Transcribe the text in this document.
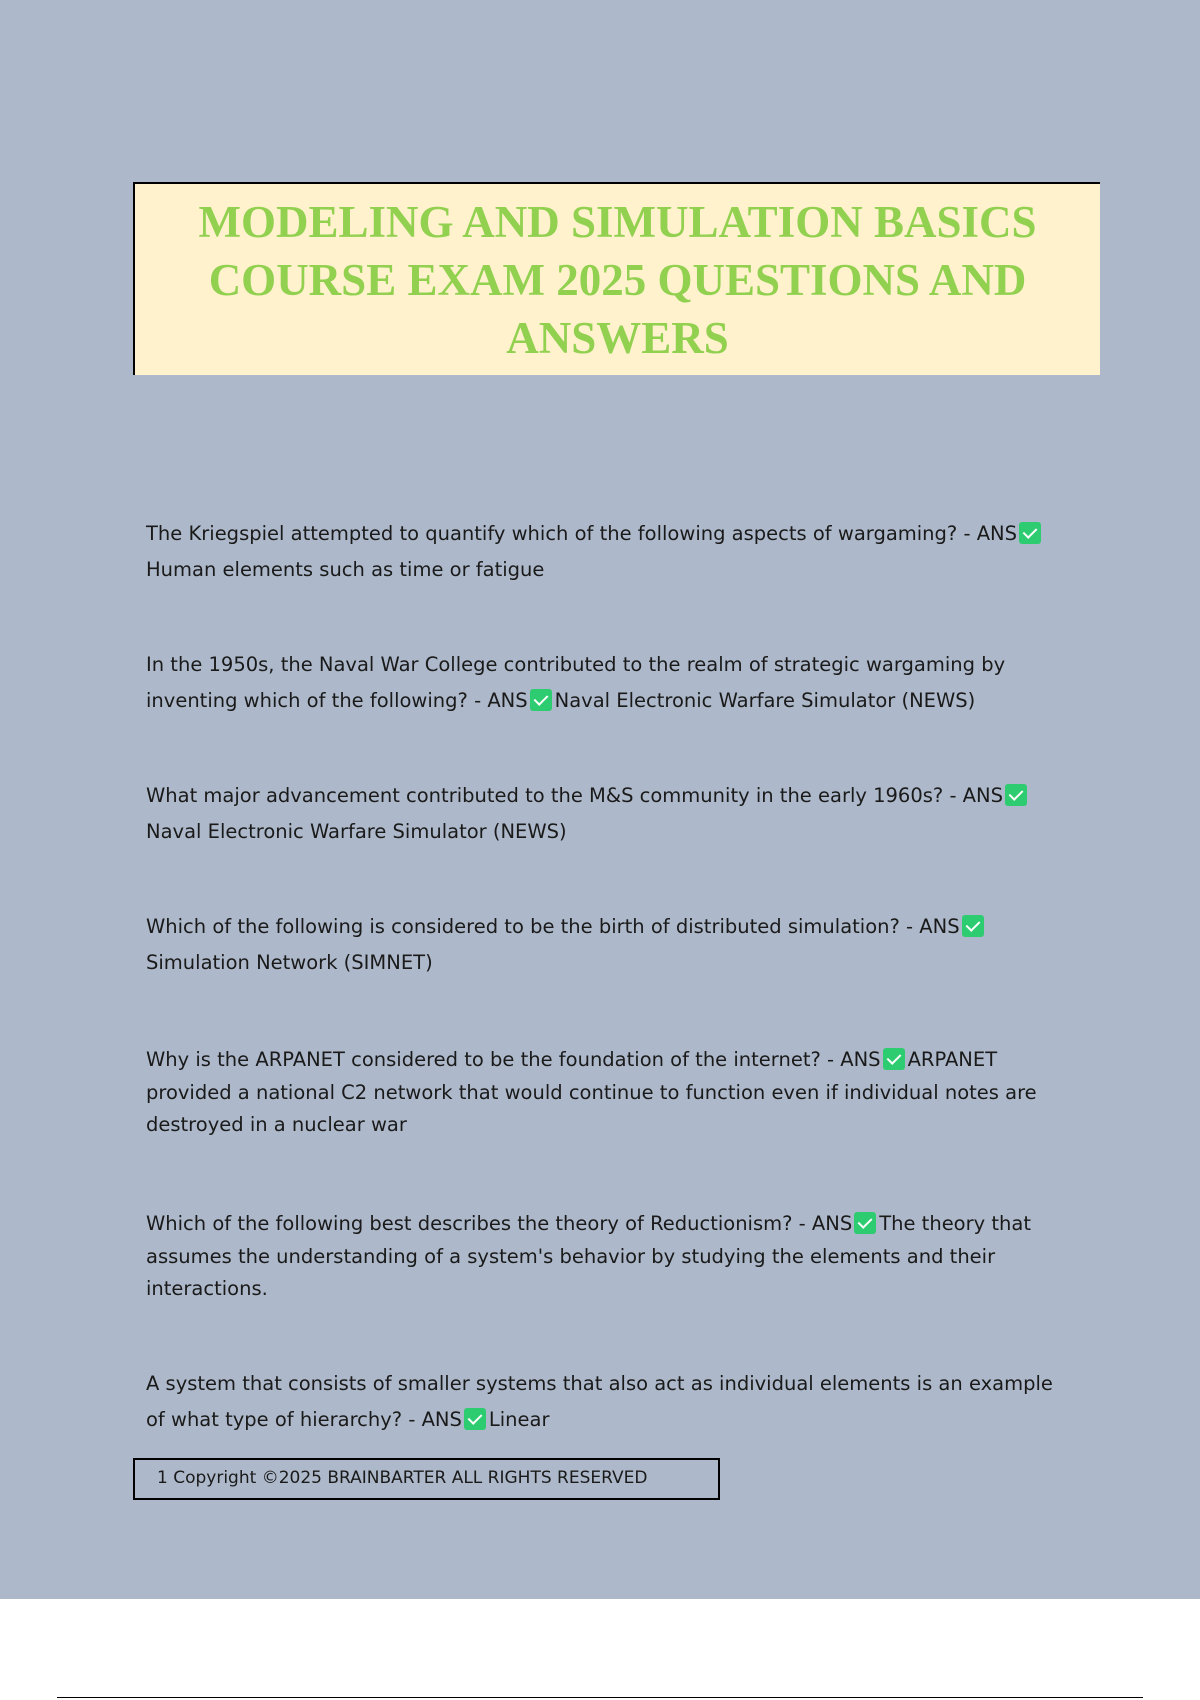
MODELING AND SIMULATION BASICS COURSE EXAM 2025 QUESTIONS AND ANSWERS
The Kriegspiel attempted to quantify which of the following aspects of wargaming? - ANSHuman elements such as time or fatigue
In the 1950s, the Naval War College contributed to the realm of strategic wargaming by inventing which of the following? - ANS Naval Electronic Warfare Simulator (NEWS)
What major advancement contributed to the M&S community in the early 1960s? - ANSNaval Electronic Warfare Simulator (NEWS)
Which of the following is considered to be the birth of distributed simulation? - ANSSimulation Network (SIMNET)
Why is the ARPANET considered to be the foundation of the internet? - ANS ARPANET provided a national C2 network that would continue to function even if individual notes are destroyed in a nuclear war
Which of the following best describes the theory of Reductionism? - ANS The theory that assumes the understanding of a system's behavior by studying the elements and their interactions.
A system that consists of smaller systems that also act as individual elements is an example of what type of hierarchy? - ANS Linear
1 Copyright ©2025 BRAINBARTER ALL RIGHTS RESERVED
